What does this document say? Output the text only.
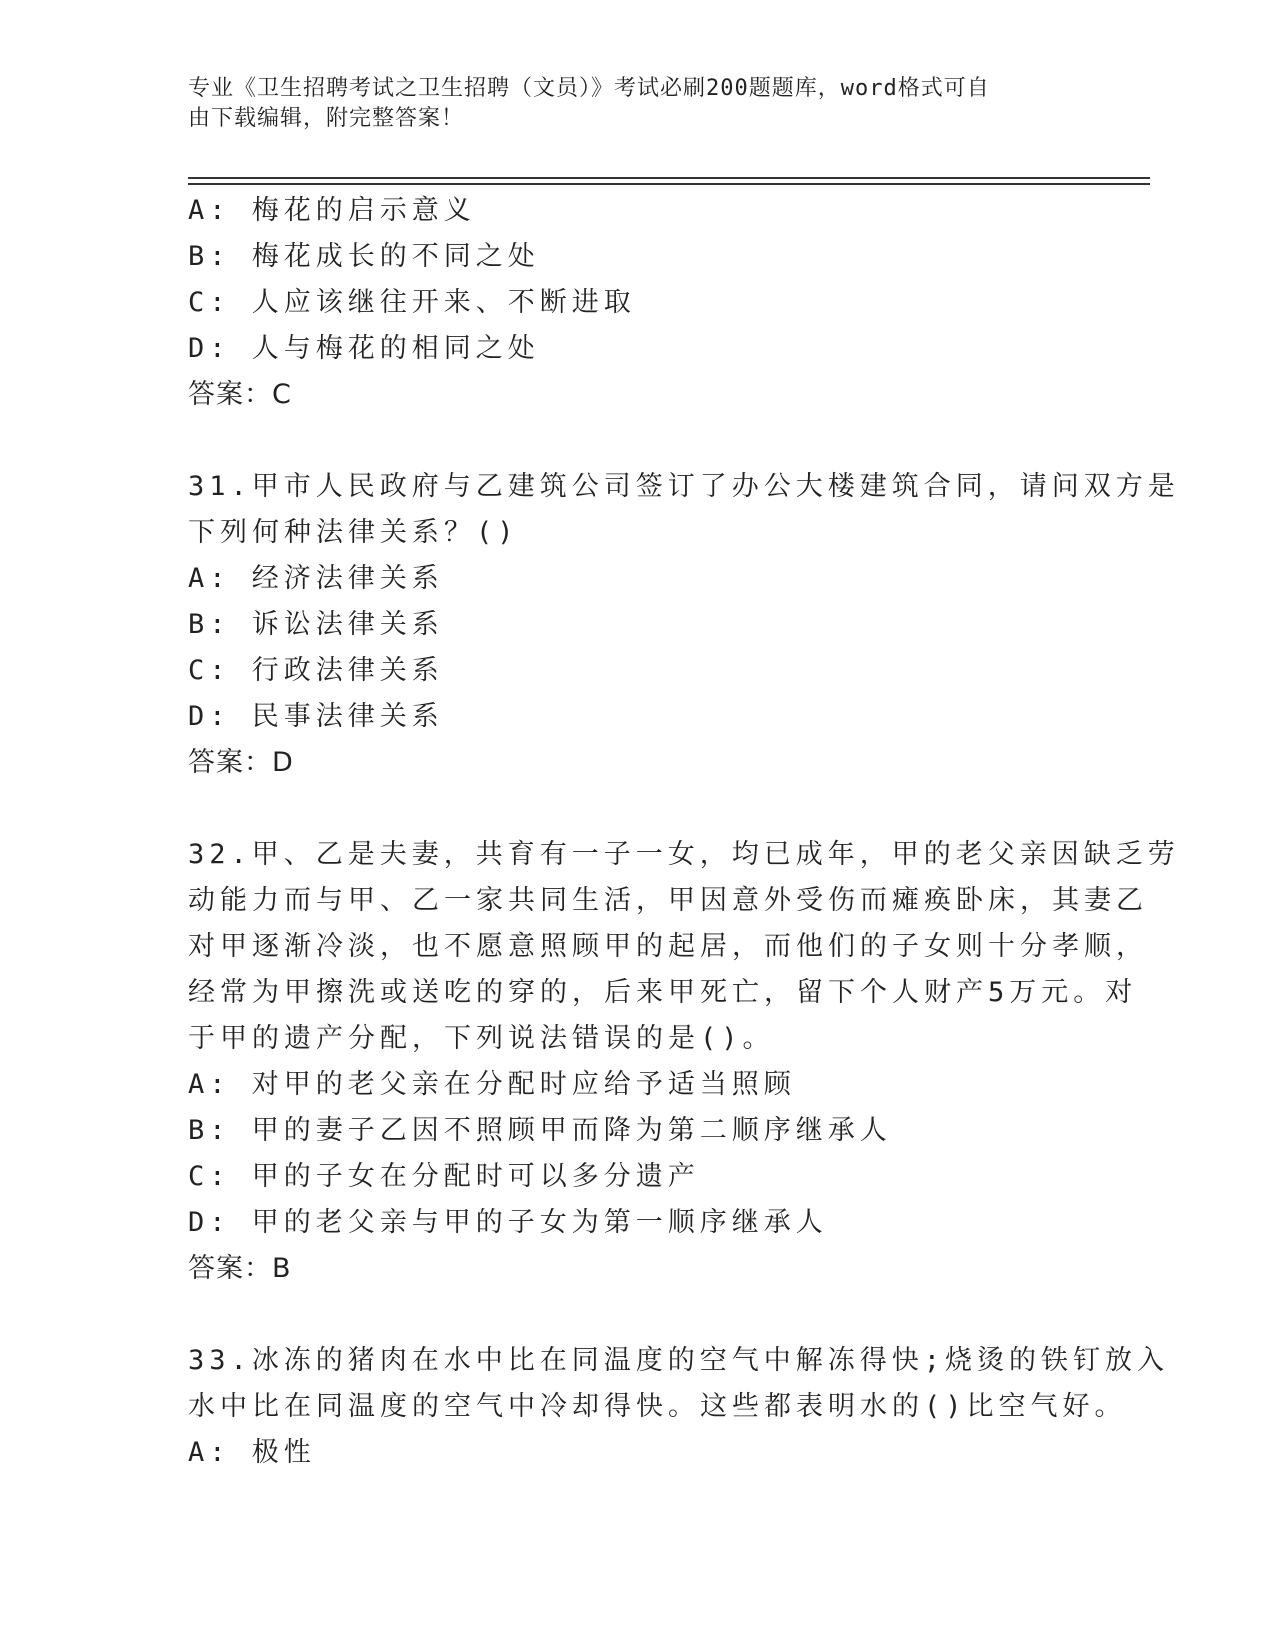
专业《卫生招聘考试之卫生招聘（文员）》考试必刷200题题库，word格式可自
由下载编辑，附完整答案！
A: 梅花的启示意义
B: 梅花成长的不同之处
C: 人应该继往开来、不断进取
D: 人与梅花的相同之处
答案：C
31.甲市人民政府与乙建筑公司签订了办公大楼建筑合同，请问双方是
下列何种法律关系？()
A: 经济法律关系
B: 诉讼法律关系
C: 行政法律关系
D: 民事法律关系
答案：D
32.甲、乙是夫妻，共育有一子一女，均已成年，甲的老父亲因缺乏劳
动能力而与甲、乙一家共同生活，甲因意外受伤而瘫痪卧床，其妻乙
对甲逐渐冷淡，也不愿意照顾甲的起居，而他们的子女则十分孝顺，
经常为甲擦洗或送吃的穿的，后来甲死亡，留下个人财产5万元。对
于甲的遗产分配，下列说法错误的是()。
A: 对甲的老父亲在分配时应给予适当照顾
B: 甲的妻子乙因不照顾甲而降为第二顺序继承人
C: 甲的子女在分配时可以多分遗产
D: 甲的老父亲与甲的子女为第一顺序继承人
答案：B
33.冰冻的猪肉在水中比在同温度的空气中解冻得快;烧烫的铁钉放入
水中比在同温度的空气中冷却得快。这些都表明水的()比空气好。
A: 极性
